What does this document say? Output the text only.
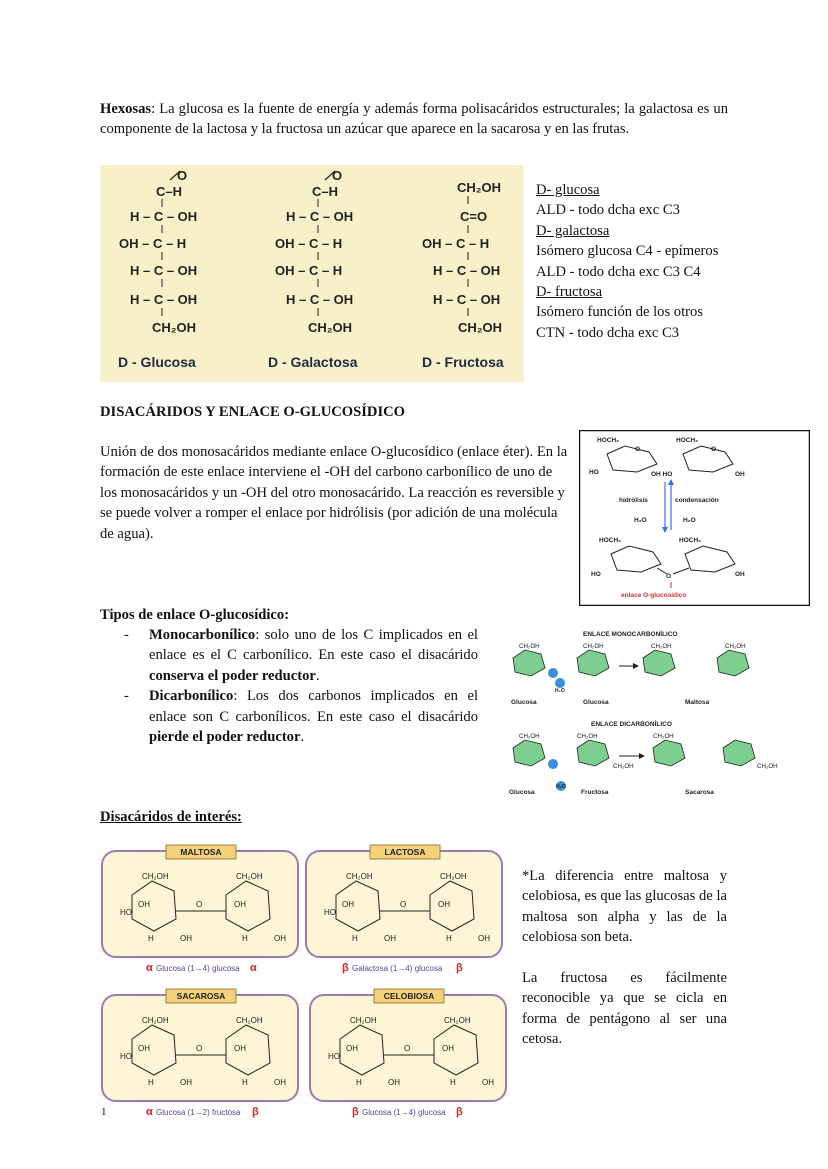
Hexosas: La glucosa es la fuente de energía y además forma polisacáridos estructurales; la galactosa es un componente de la lactosa y la fructosa un azúcar que aparece en la sacarosa y en las frutas.
O
C–H
H – C – OH
OH – C – H
H – C – OH
H – C – OH
CH₂OH
O
C–H
H – C – OH
OH – C – H
OH – C – H
H – C – OH
CH₂OH
CH₂OH
C=O
OH – C – H
H – C – OH
H – C – OH
CH₂OH
D - Glucosa	D - Galactosa	D - Fructosa
D- glucosa
ALD - todo dcha exc C3
D- galactosa
Isómero glucosa C4 - epímeros
ALD - todo dcha exc C3 C4
D- fructosa
Isómero función de los otros
CTN - todo dcha exc C3
DISACÁRIDOS Y ENLACE O-GLUCOSÍDICO
Unión de dos monosacáridos mediante enlace O-glucosídico (enlace éter). En la formación de este enlace interviene el -OH del carbono carbonílico de uno de los monosacáridos y un -OH del otro monosacárido. La reacción es reversible y se puede volver a romper el enlace por hidrólisis (por adición de una molécula de agua).
HOCH₂	HOCH₂
O	O
HO	OH HO	OH
hidrólisis	condensación
H₂O	H₂O
HOCH₂	HOCH₂
O
HO	OH
enlace O-glucosídico
Tipos de enlace O-glucosídico:
- Monocarbonílico: solo uno de los C implicados en el enlace es el C carbonílico. En este caso el disacárido conserva el poder reductor.
- Dicarbonílico: Los dos carbonos implicados en el enlace son C carbonílicos. En este caso el disacárido pierde el poder reductor.
ENLACE MONOCARBONÍLICO
CH₂OH	CH₂OH	CH₂OH	CH₂OH
H₂O
Glucosa	Glucosa	Maltosa
ENLACE DICARBONÍLICO
CH₂OH	CH₂OH	CH₂OH
CH₂OH	CH₂OH
H₂O
Glucosa	Fructosa	Sacarosa
Disacáridos de interés:
MALTOSA
α Glucosa (1→4) glucosa α
LACTOSA
β Galactosa (1→4) glucosa β
SACAROSA
α Glucosa (1→2) fructosa β
CELOBIOSA
β Glucosa (1→4) glucosa β
*La diferencia entre maltosa y celobiosa, es que las glucosas de la maltosa son alpha y las de la celobiosa son beta.
La fructosa es fácilmente reconocible ya que se cicla en forma de pentágono al ser una cetosa.
1
